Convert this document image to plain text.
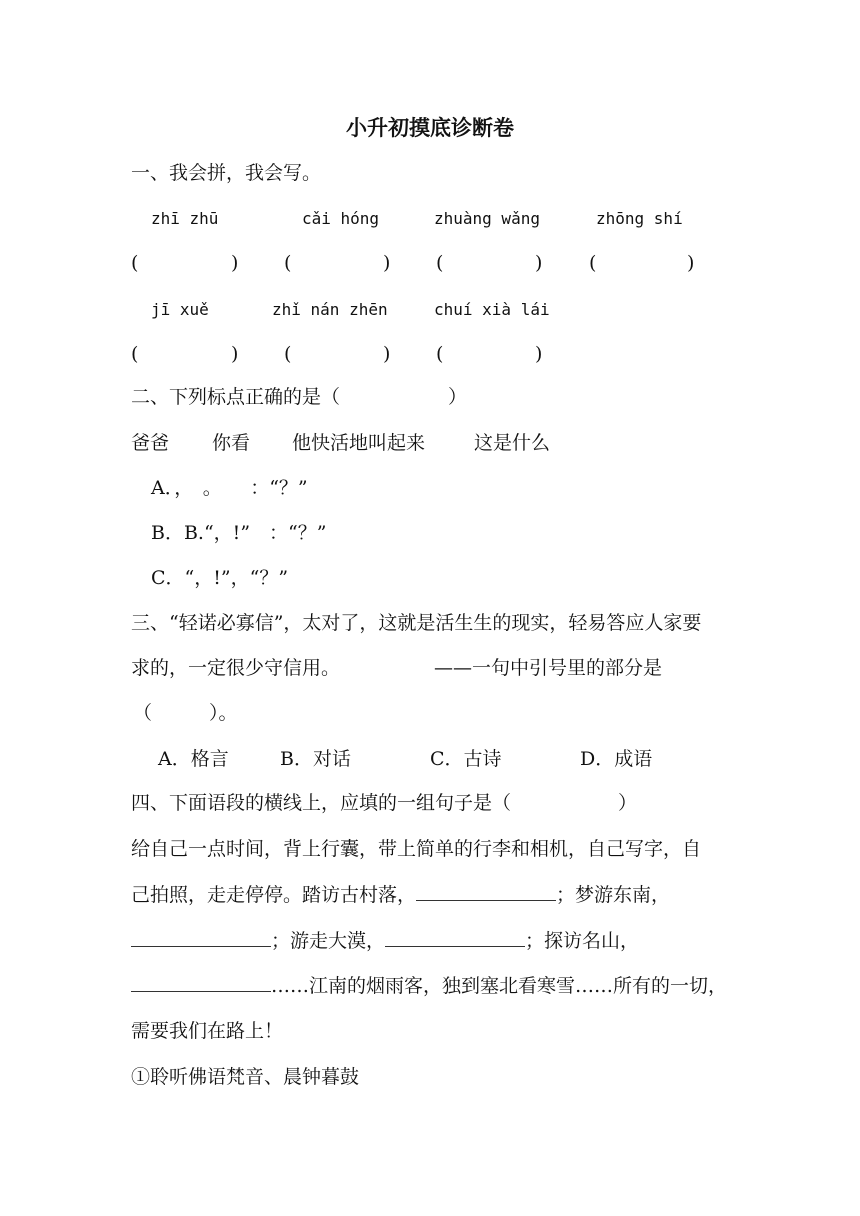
小升初摸底诊断卷
一、我会拼，我会写。
zhī zhū	cǎi hóng	zhuàng wǎng	zhōng shí
(	) (	) (	) (	)
jī xuě	zhǐ nán zhēn	chuí xià lái
(	) (	) (	)
二、下列标点正确的是（	）
爸爸 你看 他快活地叫起来	这是什么
A．，　。　　：“？”
B．B.“，!”　：“？”
C．“，!”，“？”
三、“轻诺必寡信”，太对了，这就是活生生的现实，轻易答应人家要
求的，一定很少守信用。	——一句中引号里的部分是
（　　　）。
A．格言	B．对话	C．古诗	D．成语
四、下面语段的横线上，应填的一组句子是（	）
给自己一点时间，背上行囊，带上简单的行李和相机，自己写字，自
己拍照，走走停停。踏访古村落，	；梦游东南，
；游走大漠，	；探访名山，
……江南的烟雨客，独到塞北看寒雪……所有的一切，
需要我们在路上！
①聆听佛语梵音、晨钟暮鼓
